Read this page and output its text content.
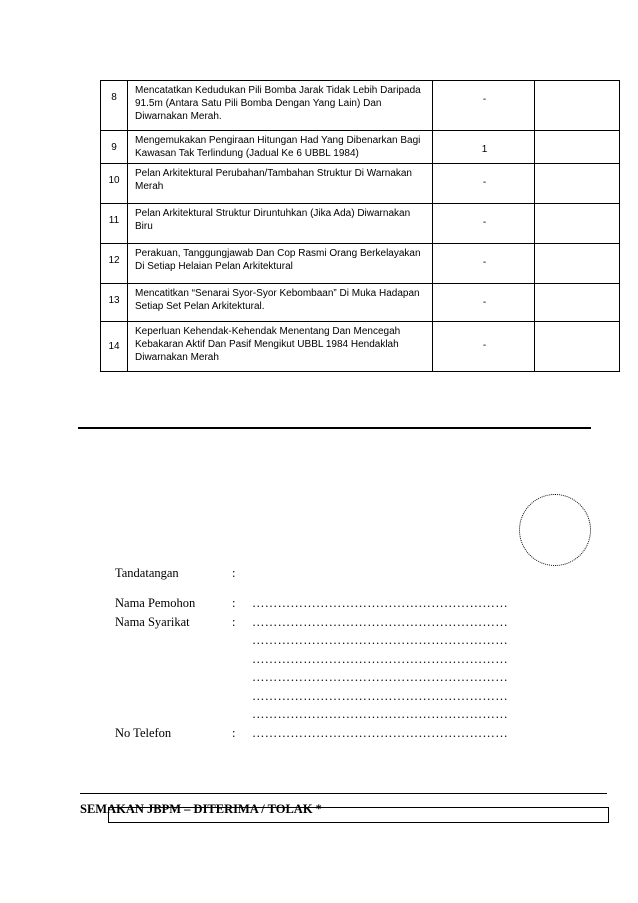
8	Mencatatkan Kedudukan Pili Bomba Jarak Tidak Lebih Daripada 91.5m (Antara Satu Pili Bomba Dengan Yang Lain) Dan Diwarnakan Merah.	-	
9	Mengemukakan Pengiraan Hitungan Had Yang Dibenarkan Bagi Kawasan Tak Terlindung (Jadual Ke 6 UBBL 1984)	1	
10	Pelan Arkitektural Perubahan/Tambahan Struktur Di Warnakan Merah	-	
11	Pelan Arkitektural Struktur Diruntuhkan (Jika Ada) Diwarnakan Biru	-	
12	Perakuan, Tanggungjawab Dan Cop Rasmi Orang Berkelayakan Di Setiap Helaian Pelan Arkitektural	-	
13	Mencatitkan “Senarai Syor-Syor Kebombaan” Di Muka Hadapan Setiap Set Pelan Arkitektural.	-	
14	Keperluan Kehendak-Kehendak Menentang Dan Mencegah Kebakaran Aktif Dan Pasif Mengikut UBBL 1984 Hendaklah Diwarnakan Merah	-	
Tandatangan	:
Nama Pemohon	: ……………………………………………………
Nama Syarikat	: ……………………………………………………
……………………………………………………
……………………………………………………
……………………………………………………
……………………………………………………
……………………………………………………
No Telefon	: ……………………………………………………
SEMAKAN JBPM – DITERIMA / TOLAK *
